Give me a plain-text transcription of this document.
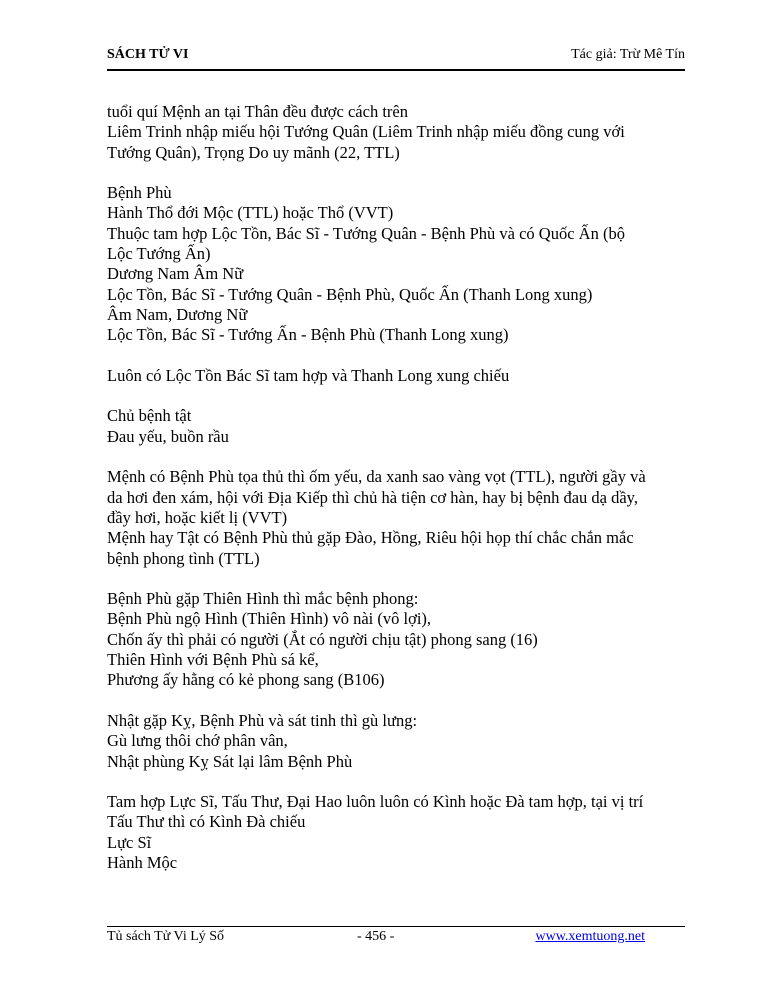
SÁCH TỬ VI	Tác giả: Trừ Mê Tín
tuổi quí Mệnh an tại Thân đều được cách trên
Liêm Trinh nhập miếu hội Tướng Quân (Liêm Trinh nhập miếu đồng cung với
Tướng Quân), Trọng Do uy mãnh (22, TTL)
Bệnh Phù
Hành Thổ đới Mộc (TTL) hoặc Thổ (VVT)
Thuộc tam hợp Lộc Tồn, Bác Sĩ - Tướng Quân - Bệnh Phù và có Quốc Ấn (bộ
Lộc Tướng Ấn)
Dương Nam Âm Nữ
Lộc Tồn, Bác Sĩ - Tướng Quân - Bệnh Phù, Quốc Ấn (Thanh Long xung)
Âm Nam, Dương Nữ
Lộc Tồn, Bác Sĩ - Tướng Ấn - Bệnh Phù (Thanh Long xung)
Luôn có Lộc Tồn Bác Sĩ tam hợp và Thanh Long xung chiếu
Chủ bệnh tật
Đau yếu, buồn rầu
Mệnh có Bệnh Phù tọa thủ thì ốm yếu, da xanh sao vàng vọt (TTL), người gầy và
da hơi đen xám, hội với Địa Kiếp thì chủ hà tiện cơ hàn, hay bị bệnh đau dạ dầy,
đầy hơi, hoặc kiết lị (VVT)
Mệnh hay Tật có Bệnh Phù thủ gặp Đào, Hồng, Riêu hội họp thí chắc chắn mắc
bệnh phong tình (TTL)
Bệnh Phù gặp Thiên Hình thì mắc bệnh phong:
Bệnh Phù ngộ Hình (Thiên Hình) vô nài (vô lợi),
Chốn ấy thì phải có người (Ắt có người chịu tật) phong sang (16)
Thiên Hình với Bệnh Phù sá kể,
Phương ấy hằng có kẻ phong sang (B106)
Nhật gặp Kỵ, Bệnh Phù và sát tinh thì gù lưng:
Gù lưng thôi chớ phân vân,
Nhật phùng Kỵ Sát lại lâm Bệnh Phù
Tam hợp Lực Sĩ, Tấu Thư, Đại Hao luôn luôn có Kình hoặc Đà tam hợp, tại vị trí
Tấu Thư thì có Kình Đà chiếu
Lực Sĩ
Hành Mộc
Tủ sách Tử Vi Lý Số	- 456 -	www.xemtuong.net
